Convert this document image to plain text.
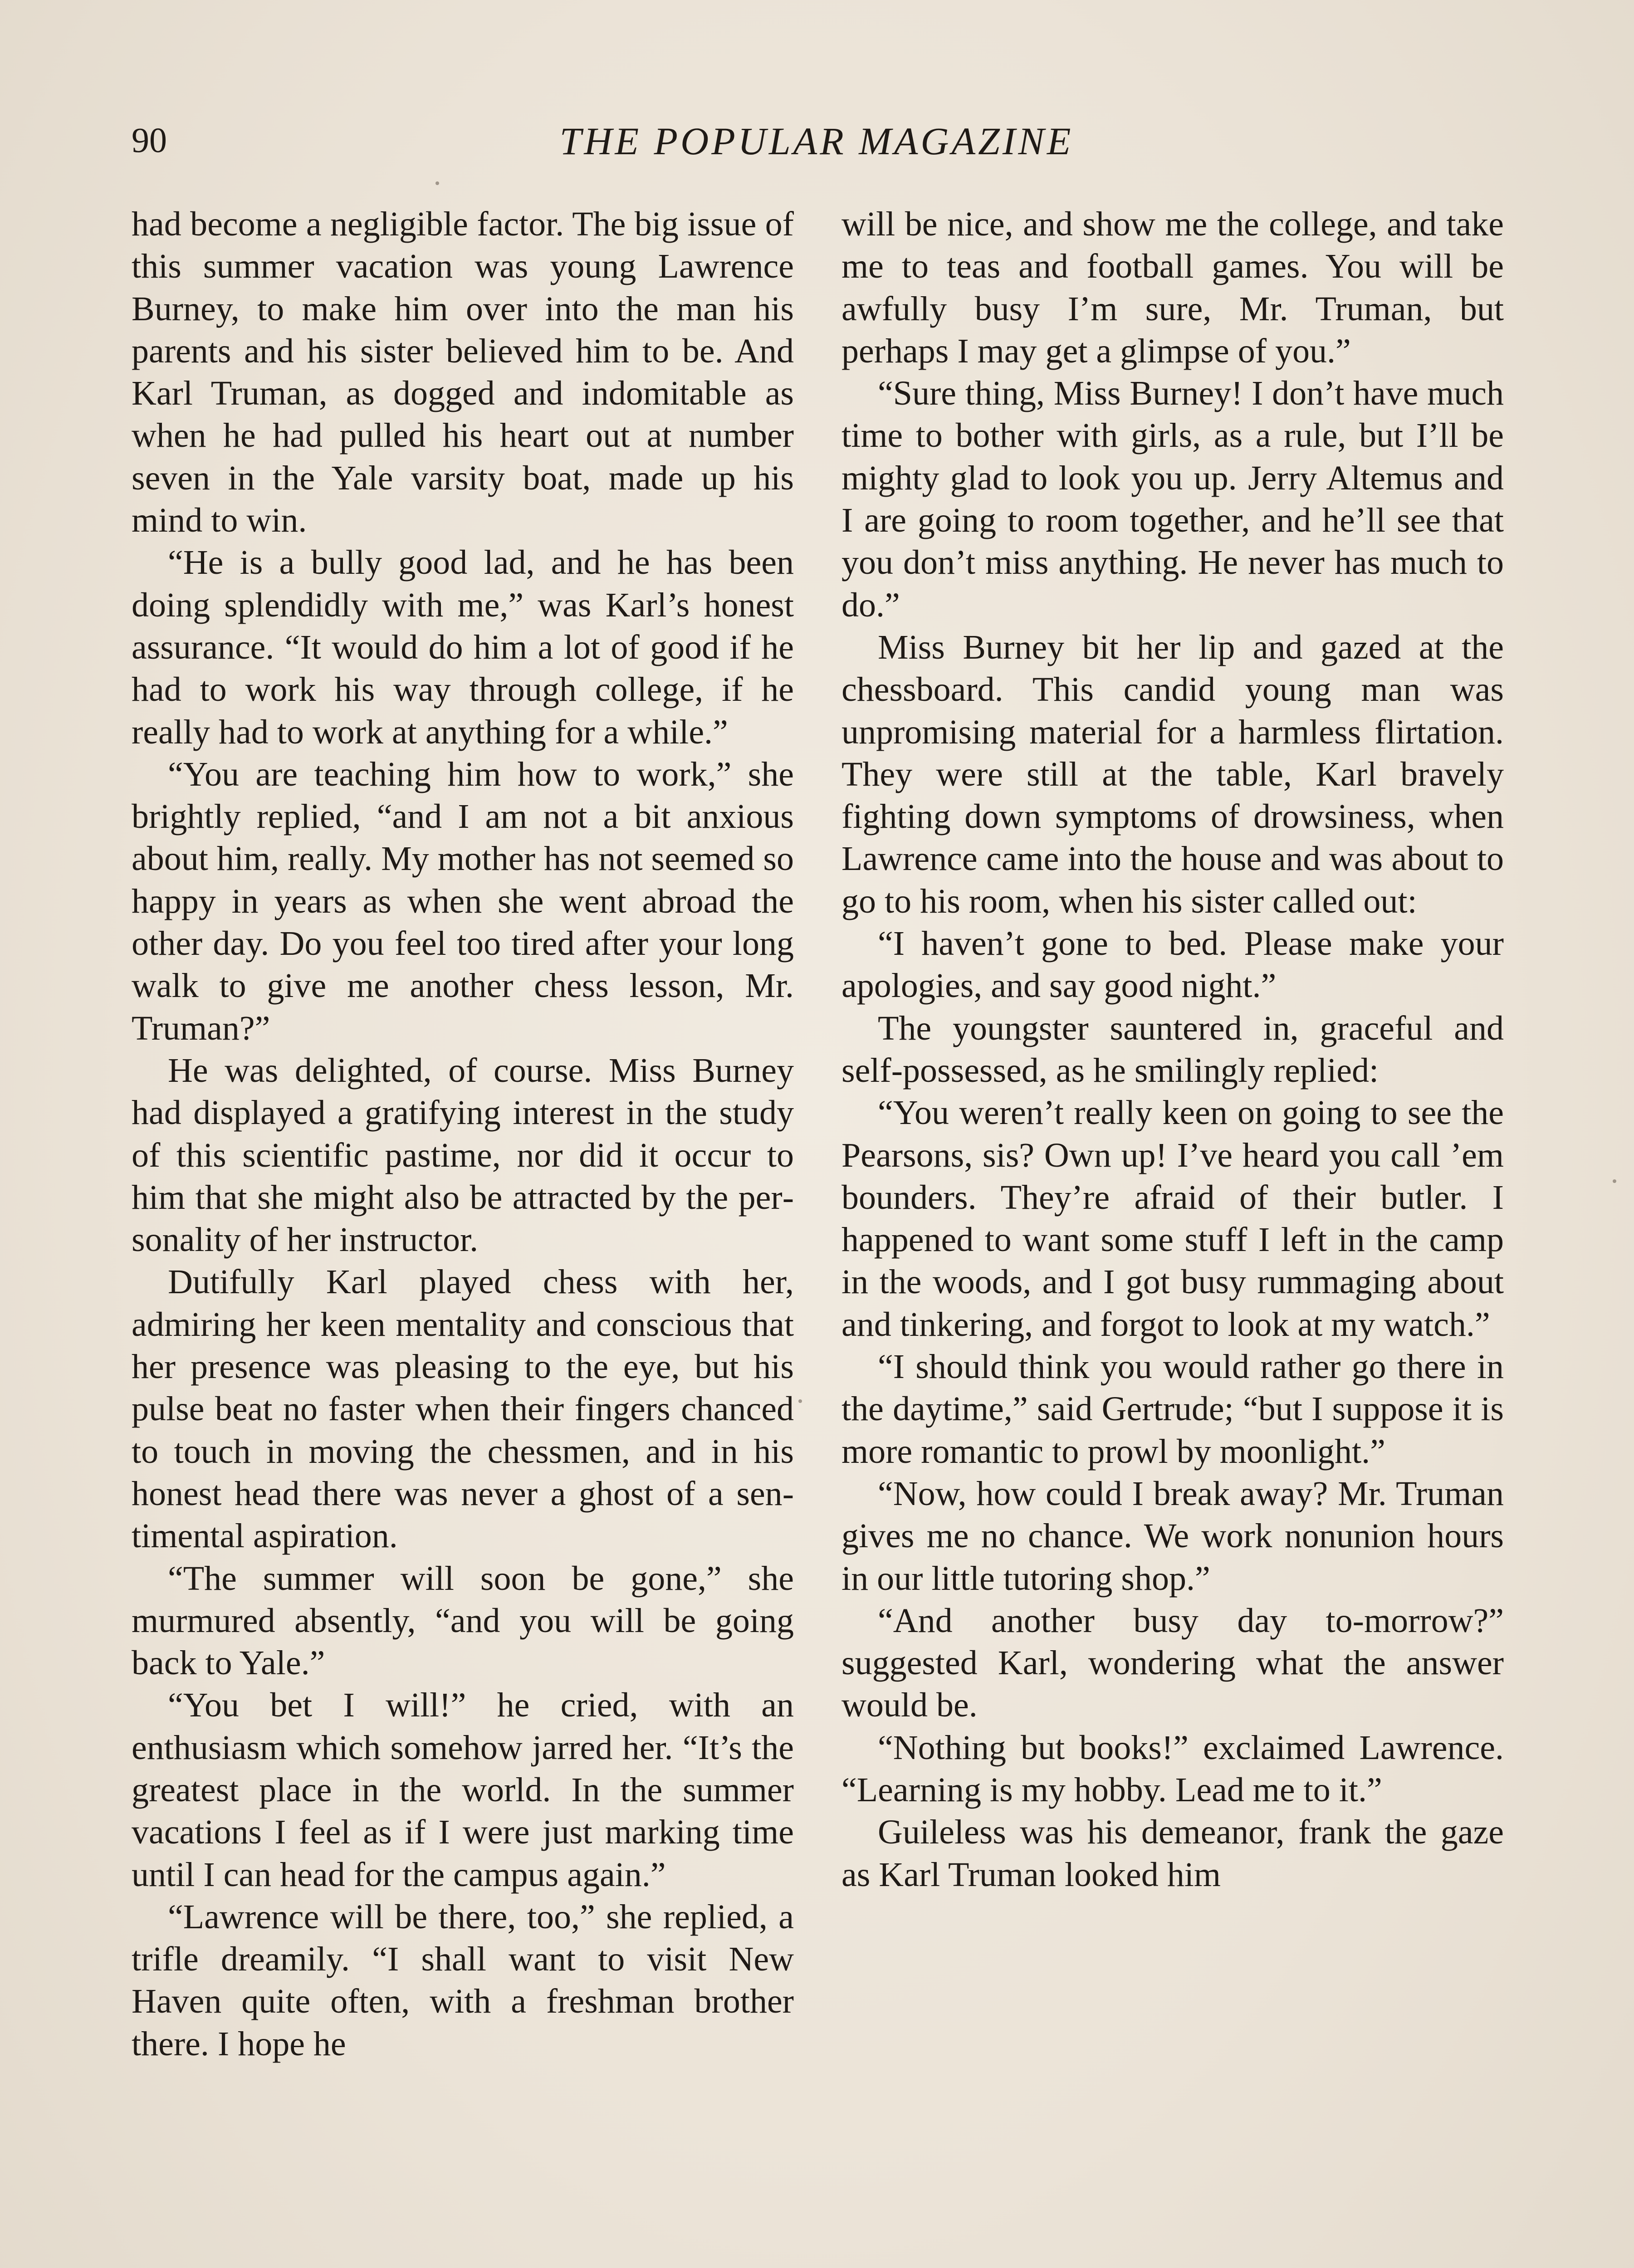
90	THE POPULAR MAGAZINE

had become a negligible factor. The big issue of this summer vacation was young Lawrence Burney, to make him over into the man his parents and his sister believed him to be. And Karl Truman, as dogged and indomitable as when he had pulled his heart out at number seven in the Yale varsity boat, made up his mind to win.

“He is a bully good lad, and he has been doing splendidly with me,” was Karl’s honest assurance. “It would do him a lot of good if he had to work his way through college, if he really had to work at anything for a while.”

“You are teaching him how to work,” she brightly replied, “and I am not a bit anxious about him, really. My mother has not seemed so happy in years as when she went abroad the other day. Do you feel too tired after your long walk to give me another chess lesson, Mr. Truman?”

He was delighted, of course. Miss Burney had displayed a gratifying interest in the study of this scientific pastime, nor did it occur to him that she might also be attracted by the personality of her instructor.

Dutifully Karl played chess with her, admiring her keen mentality and conscious that her presence was pleasing to the eye, but his pulse beat no faster when their fingers chanced to touch in moving the chessmen, and in his honest head there was never a ghost of a sentimental aspiration.

“The summer will soon be gone,” she murmured absently, “and you will be going back to Yale.”

“You bet I will!” he cried, with an enthusiasm which somehow jarred her. “It’s the greatest place in the world. In the summer vacations I feel as if I were just marking time until I can head for the campus again.”

“Lawrence will be there, too,” she replied, a trifle dreamily. “I shall want to visit New Haven quite often, with a freshman brother there. I hope he

will be nice, and show me the college, and take me to teas and football games. You will be awfully busy I’m sure, Mr. Truman, but perhaps I may get a glimpse of you.”

“Sure thing, Miss Burney! I don’t have much time to bother with girls, as a rule, but I’ll be mighty glad to look you up. Jerry Altemus and I are going to room together, and he’ll see that you don’t miss anything. He never has much to do.”

Miss Burney bit her lip and gazed at the chessboard. This candid young man was unpromising material for a harmless flirtation. They were still at the table, Karl bravely fighting down symptoms of drowsiness, when Lawrence came into the house and was about to go to his room, when his sister called out:

“I haven’t gone to bed. Please make your apologies, and say good night.”

The youngster sauntered in, graceful and self-possessed, as he smilingly replied:

“You weren’t really keen on going to see the Pearsons, sis? Own up! I’ve heard you call ’em bounders. They’re afraid of their butler. I happened to want some stuff I left in the camp in the woods, and I got busy rummaging about and tinkering, and forgot to look at my watch.”

“I should think you would rather go there in the daytime,” said Gertrude; “but I suppose it is more romantic to prowl by moonlight.”

“Now, how could I break away? Mr. Truman gives me no chance. We work nonunion hours in our little tutoring shop.”

“And another busy day to-morrow?” suggested Karl, wondering what the answer would be.

“Nothing but books!” exclaimed Lawrence. “Learning is my hobby. Lead me to it.”

Guileless was his demeanor, frank the gaze as Karl Truman looked him
